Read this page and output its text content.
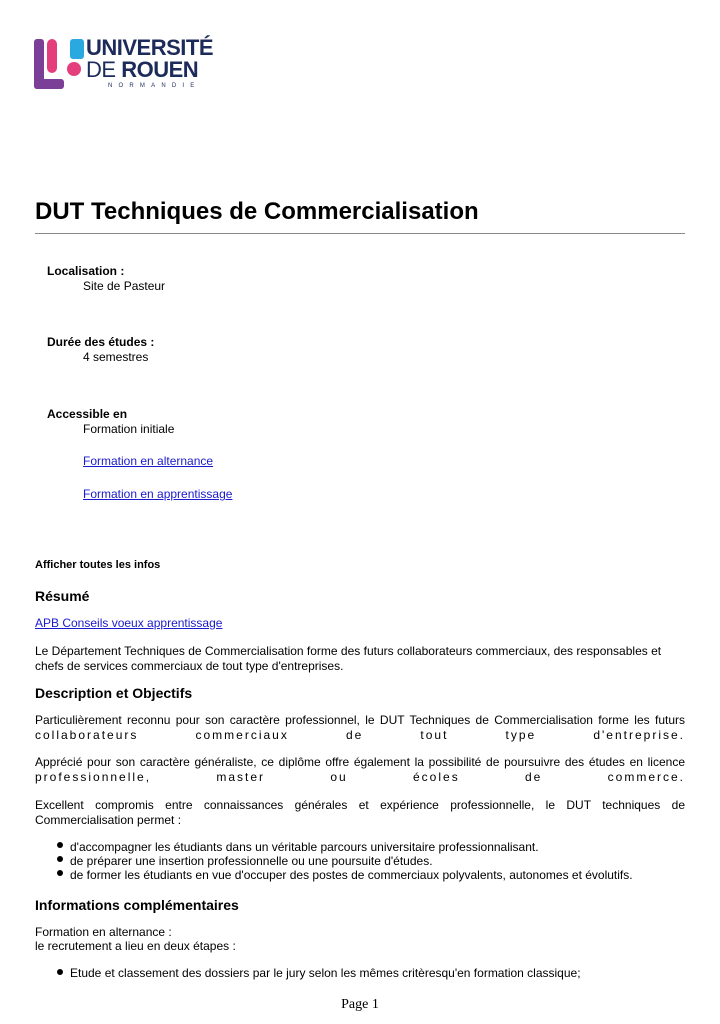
UNIVERSITÉ
DE ROUEN
NORMANDIE
DUT Techniques de Commercialisation
Localisation :
Site de Pasteur
Durée des études :
4 semestres
Accessible en
Formation initiale
Formation en alternance
Formation en apprentissage
Afficher toutes les infos
Résumé
APB Conseils voeux apprentissage
Le Département Techniques de Commercialisation forme des futurs collaborateurs commerciaux, des responsables et chefs de services commerciaux de tout type d'entreprises.
Description et Objectifs
Particulièrement reconnu pour son caractère professionnel, le DUT Techniques de Commercialisation forme les futurs
collaborateurs commerciaux de tout type d'entreprise.
Apprécié pour son caractère généraliste, ce diplôme offre également la possibilité de poursuivre des études en licence
professionnelle, master ou écoles de commerce.
Excellent compromis entre connaissances générales et expérience professionnelle, le DUT techniques de Commercialisation permet :
d'accompagner les étudiants dans un véritable parcours universitaire professionnalisant.
de préparer une insertion professionnelle ou une poursuite d'études.
de former les étudiants en vue d'occuper des postes de commerciaux polyvalents, autonomes et évolutifs.
Informations complémentaires
Formation en alternance :
le recrutement a lieu en deux étapes :
Etude et classement des dossiers par le jury selon les mêmes critèresqu'en formation classique;
Page 1
